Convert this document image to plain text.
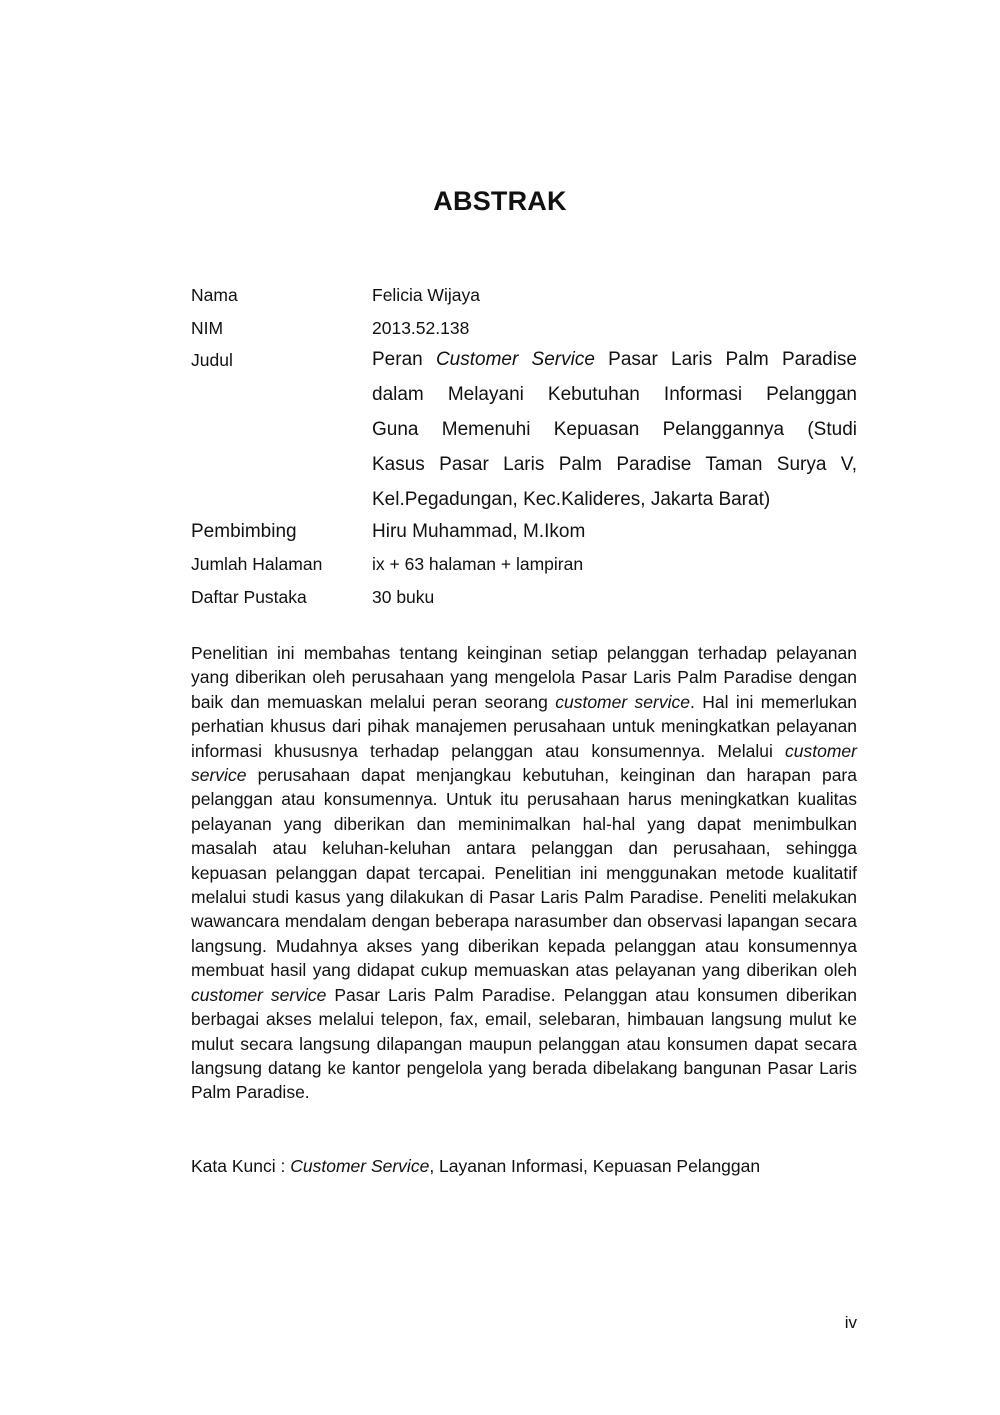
ABSTRAK
Nama	Felicia Wijaya
NIM	2013.52.138
Judul	Peran Customer Service Pasar Laris Palm Paradise
dalam Melayani Kebutuhan Informasi Pelanggan
Guna Memenuhi Kepuasan Pelanggannya (Studi
Kasus Pasar Laris Palm Paradise Taman Surya V,
Kel.Pegadungan, Kec.Kalideres, Jakarta Barat)
Pembimbing	Hiru Muhammad, M.Ikom
Jumlah Halaman	ix + 63 halaman + lampiran
Daftar Pustaka	30 buku

Penelitian ini membahas tentang keinginan setiap pelanggan terhadap pelayanan yang diberikan oleh perusahaan yang mengelola Pasar Laris Palm Paradise dengan baik dan memuaskan melalui peran seorang customer service. Hal ini memerlukan perhatian khusus dari pihak manajemen perusahaan untuk meningkatkan pelayanan informasi khususnya terhadap pelanggan atau konsumennya. Melalui customer service perusahaan dapat menjangkau kebutuhan, keinginan dan harapan para pelanggan atau konsumennya. Untuk itu perusahaan harus meningkatkan kualitas pelayanan yang diberikan dan meminimalkan hal-hal yang dapat menimbulkan masalah atau keluhan-keluhan antara pelanggan dan perusahaan, sehingga kepuasan pelanggan dapat tercapai. Penelitian ini menggunakan metode kualitatif melalui studi kasus yang dilakukan di Pasar Laris Palm Paradise. Peneliti melakukan wawancara mendalam dengan beberapa narasumber dan observasi lapangan secara langsung. Mudahnya akses yang diberikan kepada pelanggan atau konsumennya membuat hasil yang didapat cukup memuaskan atas pelayanan yang diberikan oleh customer service Pasar Laris Palm Paradise. Pelanggan atau konsumen diberikan berbagai akses melalui telepon, fax, email, selebaran, himbauan langsung mulut ke mulut secara langsung dilapangan maupun pelanggan atau konsumen dapat secara langsung datang ke kantor pengelola yang berada dibelakang bangunan Pasar Laris Palm Paradise.

Kata Kunci : Customer Service, Layanan Informasi, Kepuasan Pelanggan

iv
